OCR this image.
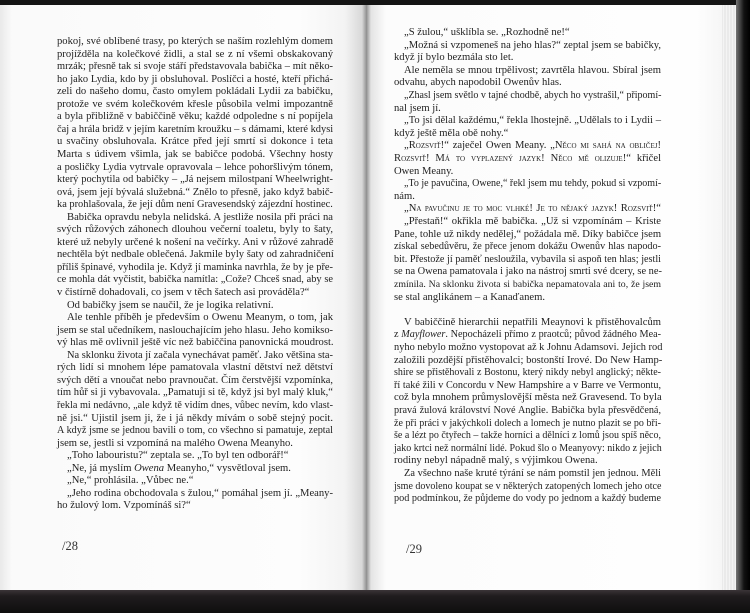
pokoj, své oblíbené trasy, po kterých se naším rozlehlým domem
projížděla na kolečkové židli, a stal se z ní všemi obskakovaný
mrzák; přesně tak si svoje stáří představovala babička – mít něko-
ho jako Lydia, kdo by ji obsluhoval. Poslíčci a hosté, kteří přichá-
zeli do našeho domu, často omylem pokládali Lydii za babičku,
protože ve svém kolečkovém křesle působila velmi impozantně
a byla přibližně v babiččině věku; každé odpoledne s ní popíjela
čaj a hrála bridž v jejím karetním kroužku – s dámami, které kdysi
u svačiny obsluhovala. Krátce před její smrtí si dokonce i teta
Marta s údivem všimla, jak se babičce podobá. Všechny hosty
a posličky Lydia vytrvale opravovala – lehce pohoršlivým tónem,
který pochytila od babičky – „Já nejsem milostpaní Wheelwright-
ová, jsem její bývalá služebná.“ Znělo to přesně, jako když babič-
ka prohlašovala, že její dům není Gravesendský zájezdní hostinec.
Babička opravdu nebyla nelidská. A jestliže nosila při práci na
svých růžových záhonech dlouhou večerní toaletu, byly to šaty,
které už nebyly určené k nošení na večírky. Ani v růžové zahradě
nechtěla být nedbale oblečená. Jakmile byly šaty od zahradničení
příliš špinavé, vyhodila je. Když jí maminka navrhla, že by je pře-
ce mohla dát vyčistit, babička namítla: „Cože? Chceš snad, aby se
v čistírně dohadovali, co jsem v těch šatech asi prováděla?“
Od babičky jsem se naučil, že je logika relativní.
Ale tenhle příběh je především o Owenu Meanym, o tom, jak
jsem se stal učedníkem, naslouchajícím jeho hlasu. Jeho komikso-
vý hlas mě ovlivnil ještě víc než babiččina panovnická moudrost.
Na sklonku života jí začala vynechávat paměť. Jako většina sta-
rých lidí si mnohem lépe pamatovala vlastní dětství než dětství
svých dětí a vnoučat nebo pravnoučat. Čím čerstvější vzpomínka,
tím hůř si ji vybavovala. „Pamatuji si tě, když jsi byl malý kluk,“
řekla mi nedávno, „ale když tě vidím dnes, vůbec nevím, kdo vlast-
ně jsi.“ Ujistil jsem ji, že i já někdy mívám o sobě stejný pocit.
A když jsme se jednou bavili o tom, co všechno si pamatuje, zeptal
jsem se, jestli si vzpomíná na malého Owena Meanyho.
„Toho labouristu?“ zeptala se. „To byl ten odborář!“
„Ne, já myslím Owena Meanyho,“ vysvětloval jsem.
„Ne,“ prohlásila. „Vůbec ne.“
„Jeho rodina obchodovala s žulou,“ pomáhal jsem jí. „Meany-
ho žulový lom. Vzpomínáš si?“
„S žulou,“ ušklíbla se. „Rozhodně ne!“
„Možná si vzpomeneš na jeho hlas?“ zeptal jsem se babičky,
když jí bylo bezmála sto let.
Ale neměla se mnou trpělivost; zavrtěla hlavou. Sbíral jsem
odvahu, abych napodobil Owenův hlas.
„Zhasl jsem světlo v tajné chodbě, abych ho vystrašil,“ připomí-
nal jsem jí.
„To jsi dělal každému,“ řekla lhostejně. „Udělals to i Lydii –
když ještě měla obě nohy.“
„Rozsviť!“ zaječel Owen Meany. „Něco mi sahá na obličej!
Rozsviť! Má to vyplazený jazyk! Něco mě olizuje!“ křičel
Owen Meany.
„To je pavučina, Owene,“ řekl jsem mu tehdy, pokud si vzpomí-
nám.
„Na pavučinu je to moc vlhké! Je to nějaký jazyk! Rozsviť!“
„Přestaň!“ okřikla mě babička. „Už si vzpomínám – Kriste
Pane, tohle už nikdy nedělej,“ požádala mě. Díky babičce jsem
získal sebedůvěru, že přece jenom dokážu Owenův hlas napodo-
bit. Přestože jí paměť nesloužila, vybavila si aspoň ten hlas; jestli
se na Owena pamatovala i jako na nástroj smrti své dcery, se ne-
zmínila. Na sklonku života si babička nepamatovala ani to, že jsem
se stal anglikánem – a Kanaďanem.
V babiččině hierarchii nepatřili Meaynovi k přistěhovalcům
z Mayflower. Nepocházeli přímo z praotců; původ žádného Mea-
nyho nebylo možno vystopovat až k Johnu Adamsovi. Jejich rod
založili pozdější přistěhovalci; bostonští Irové. Do New Hamp-
shire se přistěhovali z Bostonu, který nikdy nebyl anglický; někte-
ří také žili v Concordu v New Hampshire a v Barre ve Vermontu,
což byla mnohem průmyslovější města než Gravesend. To byla
pravá žulová království Nové Anglie. Babička byla přesvědčená,
že při práci v jakýchkoli dolech a lomech je nutno plazit se po bři-
še a lézt po čtyřech – takže horníci a dělníci z lomů jsou spíš něco,
jako krtci než normální lidé. Pokud šlo o Meanyovy: nikdo z jejich
rodiny nebyl nápadně malý, s výjimkou Owena.
Za všechno naše kruté týrání se nám pomstil jen jednou. Měli
jsme dovoleno koupat se v některých zatopených lomech jeho otce
pod podmínkou, že půjdeme do vody po jednom a každý budeme
/28	/29
